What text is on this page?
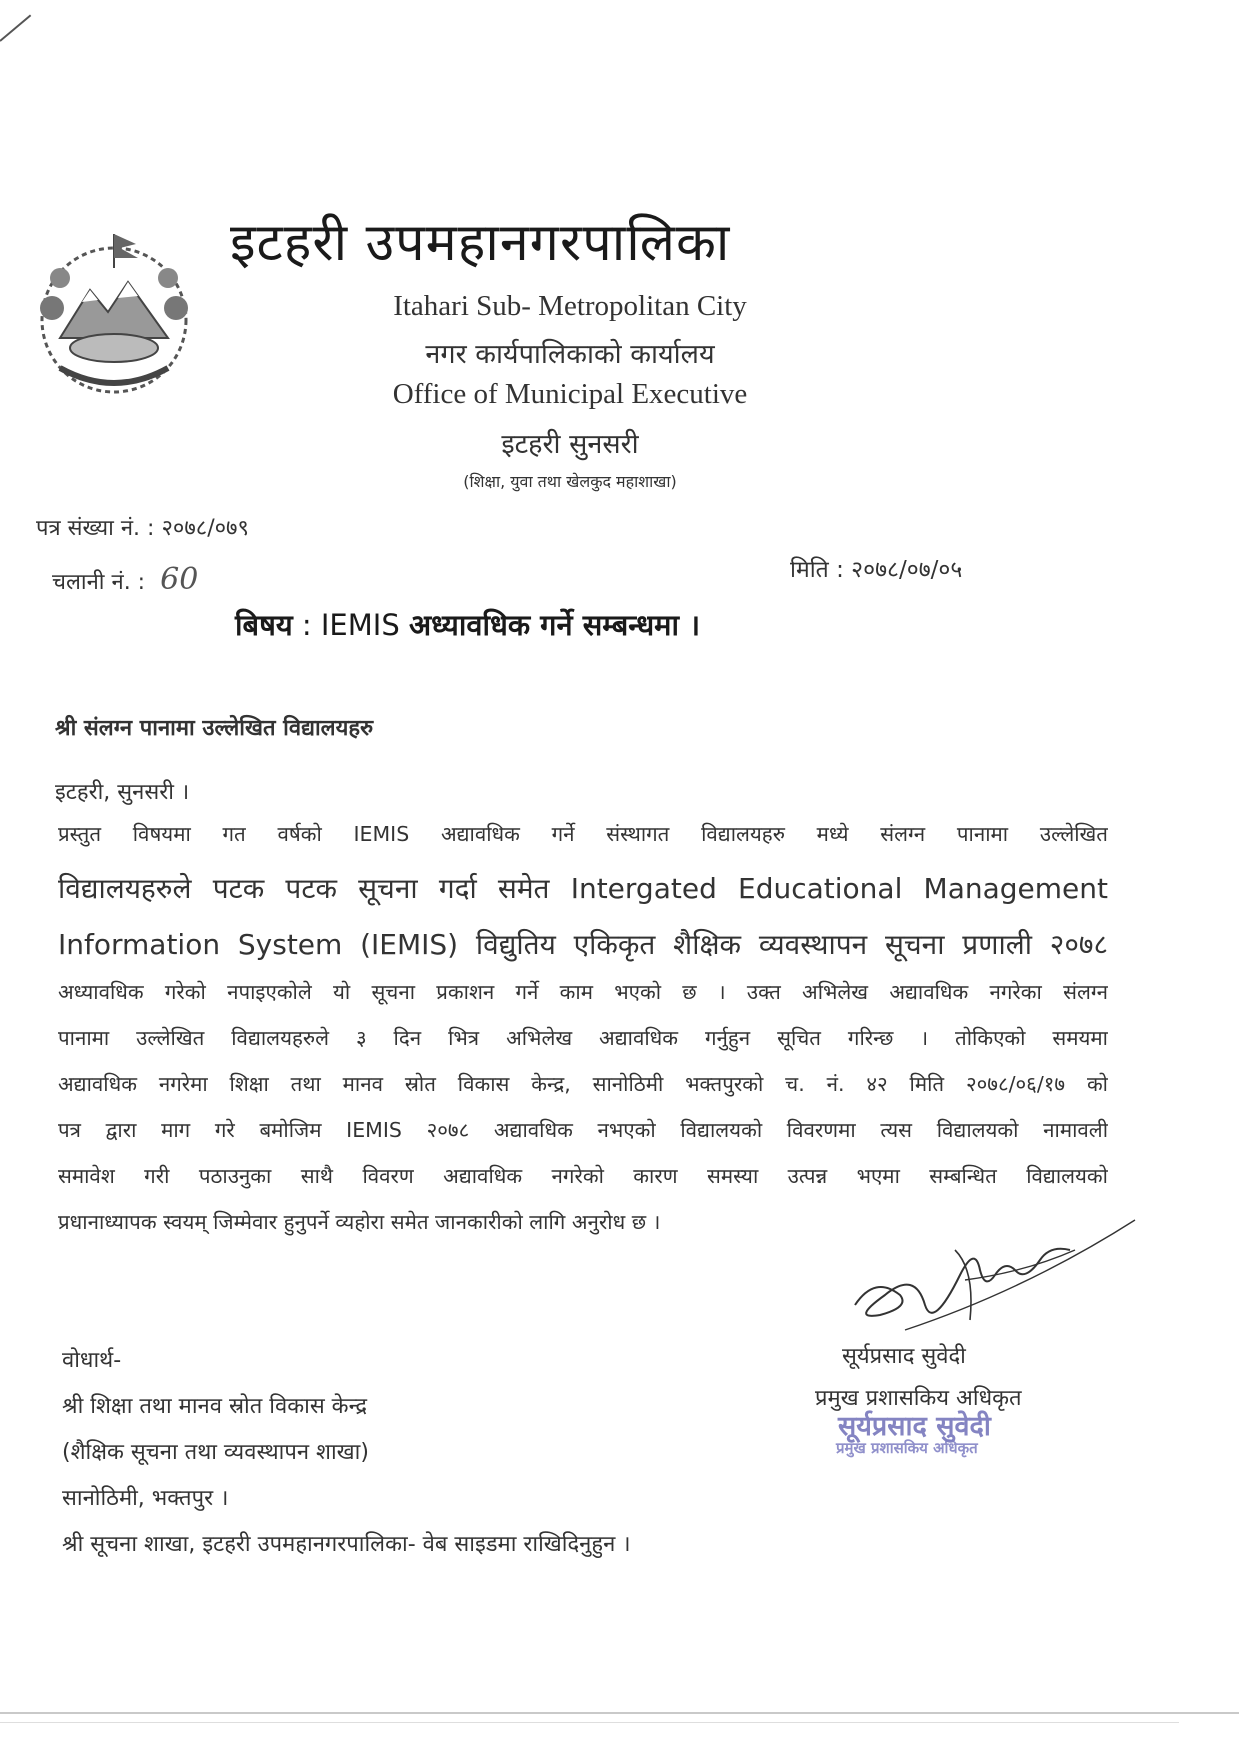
इटहरी उपमहानगरपालिका
Itahari Sub- Metropolitan City
नगर कार्यपालिकाको कार्यालय
Office of Municipal Executive
इटहरी सुनसरी
(शिक्षा, युवा तथा खेलकुद महाशाखा)
पत्र संख्या नं. : २०७८/०७९
चलानी नं. : 60	मिति : २०७८/०७/०५
बिषय : IEMIS अध्यावधिक गर्ने सम्बन्धमा ।
श्री संलग्न पानामा उल्लेखित विद्यालयहरु
इटहरी, सुनसरी ।
प्रस्तुत विषयमा गत वर्षको IEMIS अद्यावधिक गर्ने संस्थागत विद्यालयहरु मध्ये संलग्न पानामा उल्लेखित
विद्यालयहरुले पटक पटक सूचना गर्दा समेत Intergated Educational Management
Information System (IEMIS) विद्युतिय एकिकृत शैक्षिक व्यवस्थापन सूचना प्रणाली २०७८
अध्यावधिक गरेको नपाइएकोले यो सूचना प्रकाशन गर्ने काम भएको छ । उक्त अभिलेख अद्यावधिक नगरेका संलग्न
पानामा उल्लेखित विद्यालयहरुले ३ दिन भित्र अभिलेख अद्यावधिक गर्नुहुन सूचित गरिन्छ । तोकिएको समयमा
अद्यावधिक नगरेमा शिक्षा तथा मानव स्रोत विकास केन्द्र, सानोठिमी भक्तपुरको च. नं. ४२ मिति २०७८/०६/१७ को
पत्र द्वारा माग गरे बमोजिम IEMIS २०७८ अद्यावधिक नभएको विद्यालयको विवरणमा त्यस विद्यालयको नामावली
समावेश गरी पठाउनुका साथै विवरण अद्यावधिक नगरेको कारण समस्या उत्पन्न भएमा सम्बन्धित विद्यालयको
प्रधानाध्यापक स्वयम् जिम्मेवार हुनुपर्ने व्यहोरा समेत जानकारीको लागि अनुरोध छ ।
सूर्यप्रसाद सुवेदी
प्रमुख प्रशासकिय अधिकृत
सूर्यप्रसाद सुवेदी
प्रमुख प्रशासकिय अधिकृत
वोधार्थ-
श्री शिक्षा तथा मानव स्रोत विकास केन्द्र
(शैक्षिक सूचना तथा व्यवस्थापन शाखा)
सानोठिमी, भक्तपुर ।
श्री सूचना शाखा, इटहरी उपमहानगरपालिका- वेब साइडमा राखिदिनुहुन ।
